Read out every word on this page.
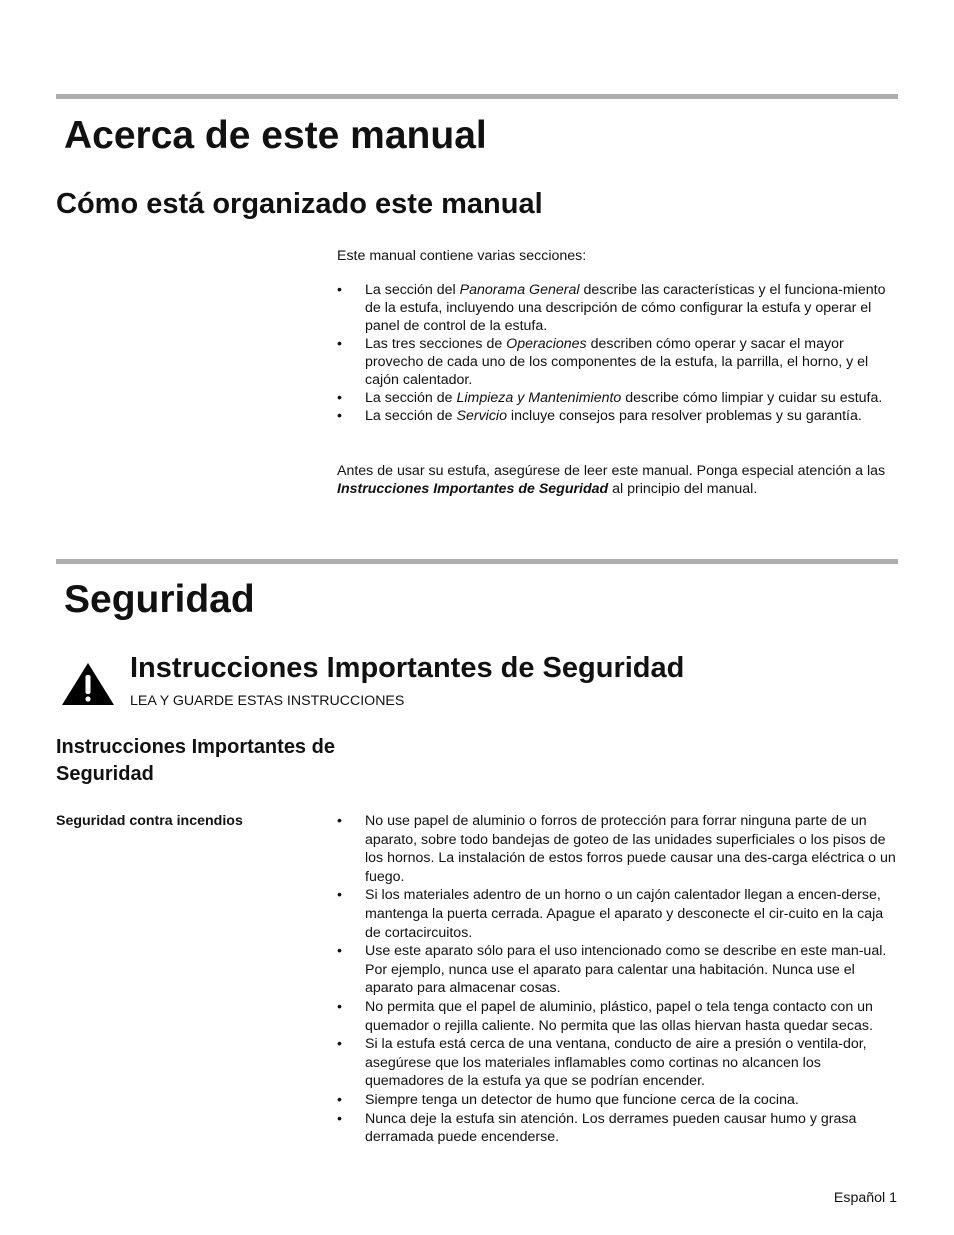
Acerca de este manual
Cómo está organizado este manual

Este manual contiene varias secciones:

• La sección del Panorama General describe las características y el funciona-miento de la estufa, incluyendo una descripción de cómo configurar la estufa y operar el panel de control de la estufa.
• Las tres secciones de Operaciones describen cómo operar y sacar el mayor provecho de cada uno de los componentes de la estufa, la parrilla, el horno, y el cajón calentador.
• La sección de Limpieza y Mantenimiento describe cómo limpiar y cuidar su estufa.
• La sección de Servicio incluye consejos para resolver problemas y su garantía.

Antes de usar su estufa, asegúrese de leer este manual. Ponga especial atención a las Instrucciones Importantes de Seguridad al principio del manual.

Seguridad
Instrucciones Importantes de Seguridad
LEA Y GUARDE ESTAS INSTRUCCIONES
Instrucciones Importantes de Seguridad
Seguridad contra incendios	• No use papel de aluminio o forros de protección para forrar ninguna parte de un aparato, sobre todo bandejas de goteo de las unidades superficiales o los pisos de los hornos. La instalación de estos forros puede causar una des-carga eléctrica o un fuego.
• Si los materiales adentro de un horno o un cajón calentador llegan a encen-derse, mantenga la puerta cerrada. Apague el aparato y desconecte el cir-cuito en la caja de cortacircuitos.
• Use este aparato sólo para el uso intencionado como se describe en este man-ual. Por ejemplo, nunca use el aparato para calentar una habitación. Nunca use el aparato para almacenar cosas.
• No permita que el papel de aluminio, plástico, papel o tela tenga contacto con un quemador o rejilla caliente. No permita que las ollas hiervan hasta quedar secas.
• Si la estufa está cerca de una ventana, conducto de aire a presión o ventila-dor, asegúrese que los materiales inflamables como cortinas no alcancen los quemadores de la estufa ya que se podrían encender.
• Siempre tenga un detector de humo que funcione cerca de la cocina.
• Nunca deje la estufa sin atención. Los derrames pueden causar humo y grasa derramada puede encenderse.
Español 1
